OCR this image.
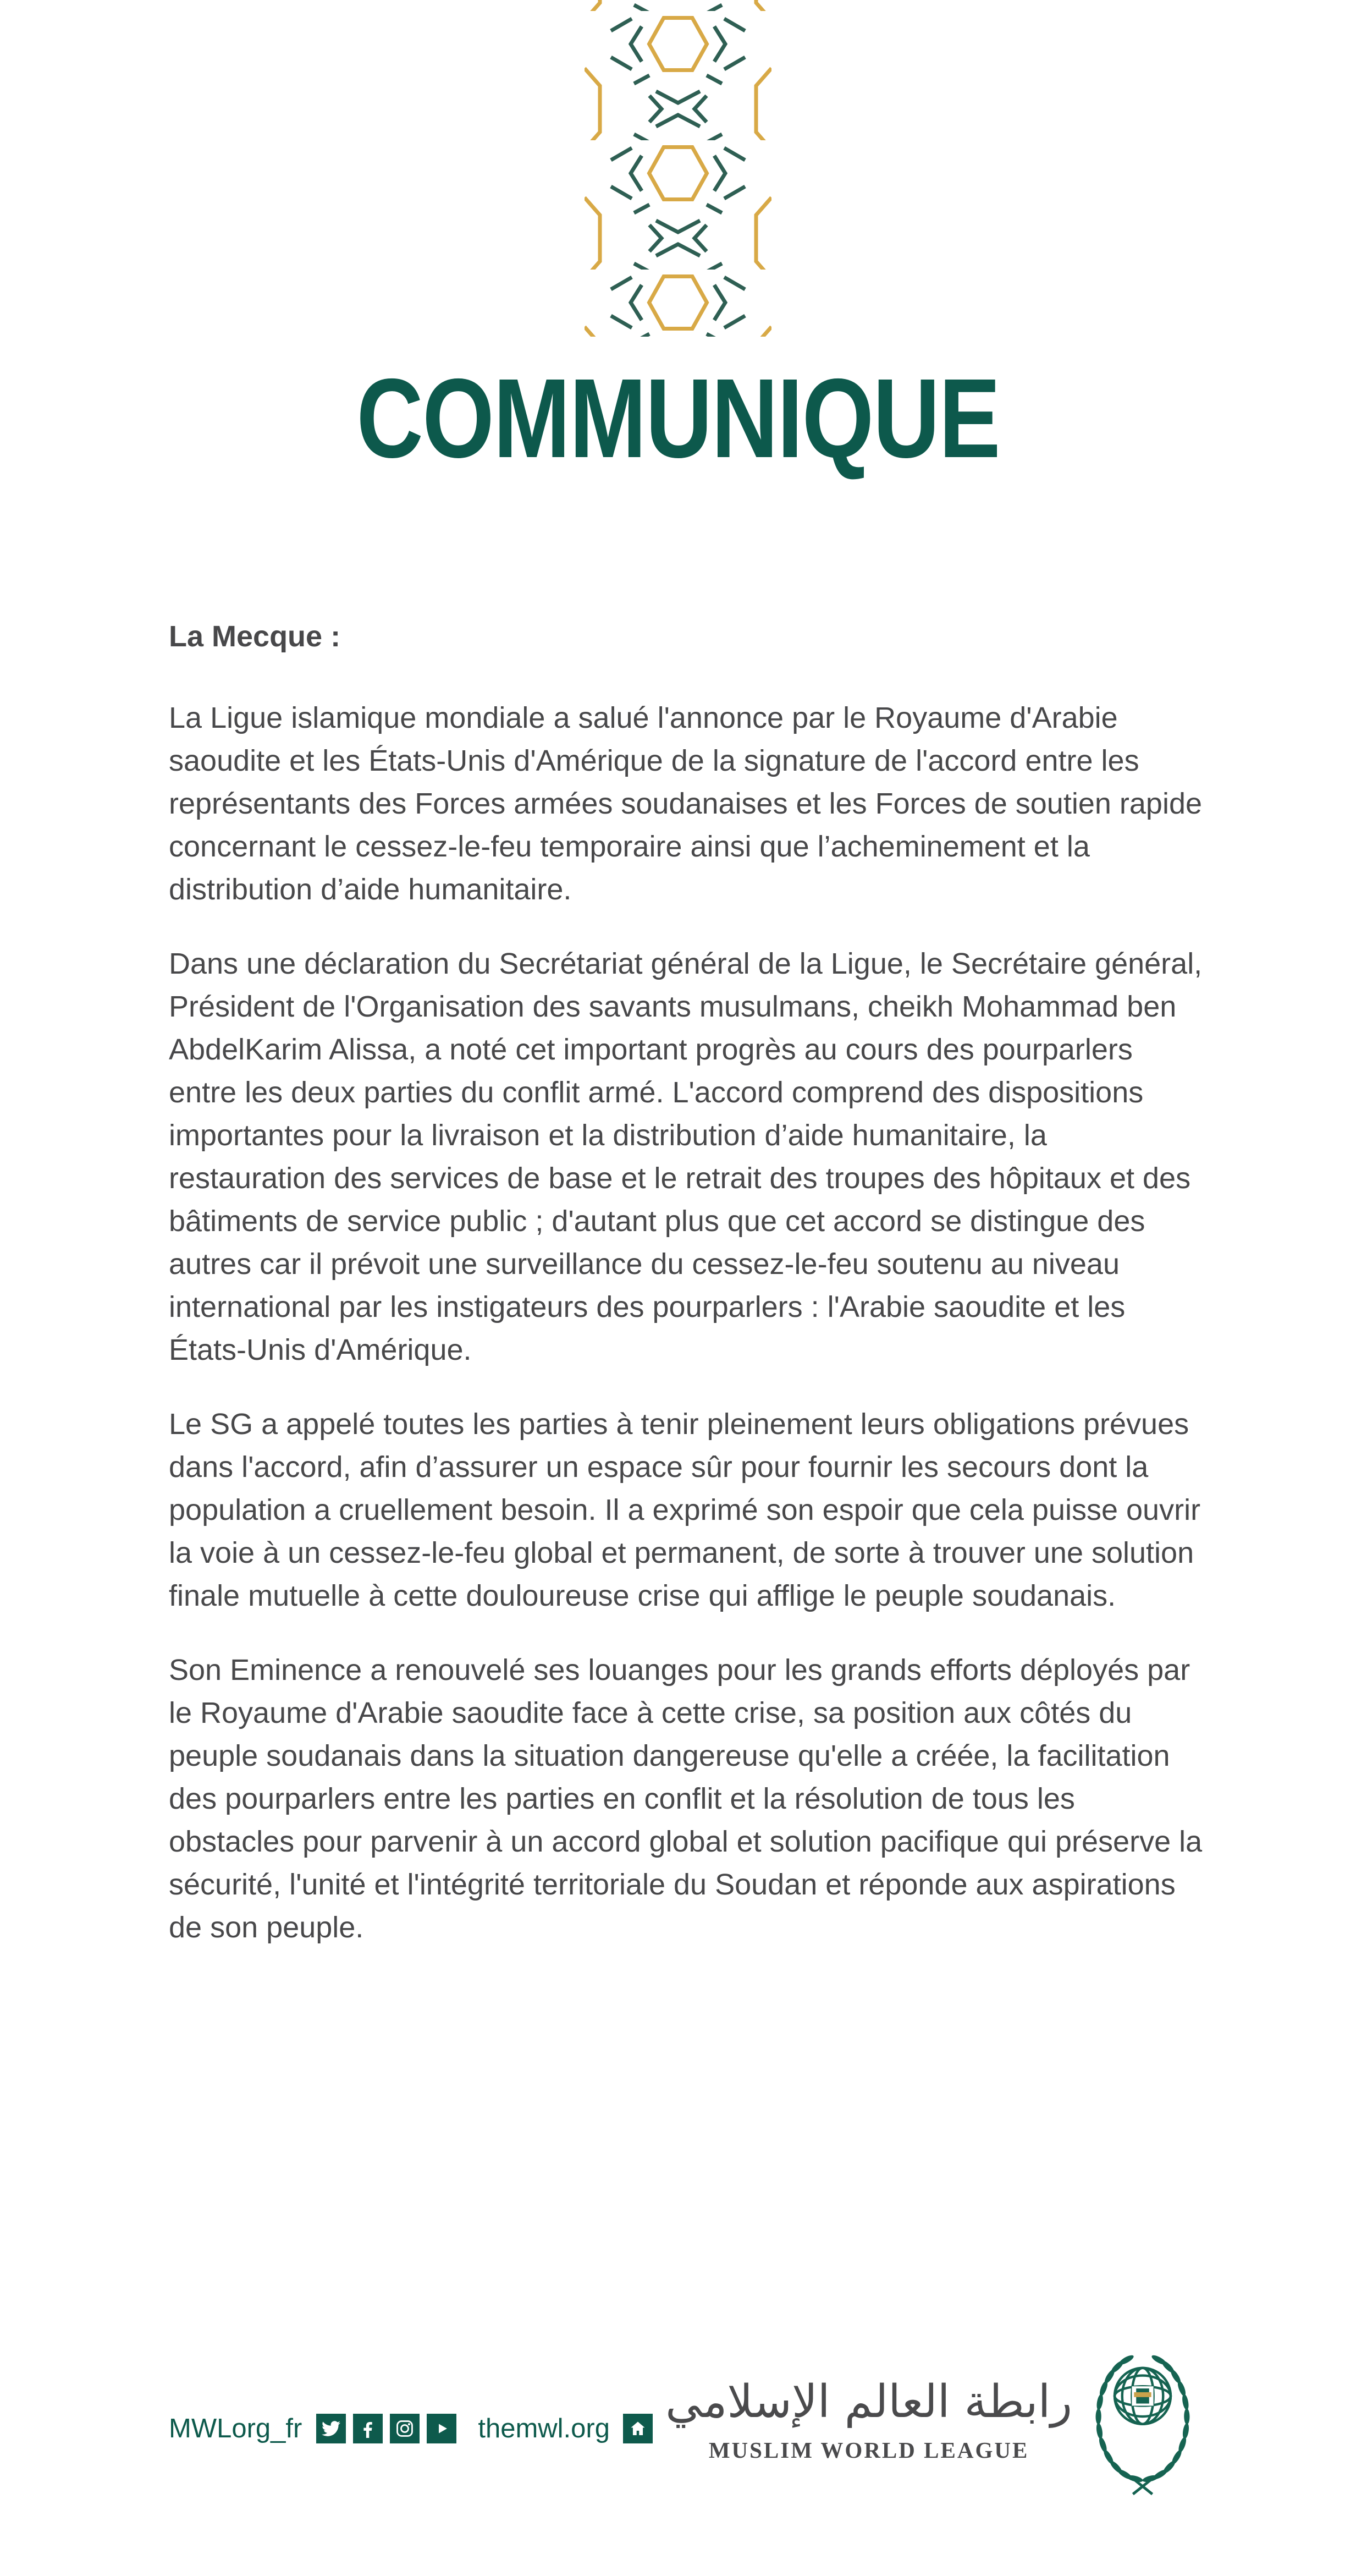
COMMUNIQUE

La Mecque :

La Ligue islamique mondiale a salué l'annonce par le Royaume d'Arabie saoudite et les États-Unis d'Amérique de la signature de l'accord entre les représentants des Forces armées soudanaises et les Forces de soutien rapide concernant le cessez-le-feu temporaire ainsi que l’acheminement et la distribution d’aide humanitaire.

Dans une déclaration du Secrétariat général de la Ligue, le Secrétaire général, Président de l'Organisation des savants musulmans, cheikh Mohammad ben AbdelKarim Alissa, a noté cet important progrès au cours des pourparlers entre les deux parties du conflit armé. L'accord comprend des dispositions importantes pour la livraison et la distribution d’aide humanitaire, la restauration des services de base et le retrait des troupes des hôpitaux et des bâtiments de service public ; d'autant plus que cet accord se distingue des autres car il prévoit une surveillance du cessez-le-feu soutenu au niveau international par les instigateurs des pourparlers : l'Arabie saoudite et les États-Unis d'Amérique.

Le SG a appelé toutes les parties à tenir pleinement leurs obligations prévues dans l'accord, afin d’assurer un espace sûr pour fournir les secours dont la population a cruellement besoin. Il a exprimé son espoir que cela puisse ouvrir la voie à un cessez-le-feu global et permanent, de sorte à trouver une solution finale mutuelle à cette douloureuse crise qui afflige le peuple soudanais.

Son Eminence a renouvelé ses louanges pour les grands efforts déployés par le Royaume d'Arabie saoudite face à cette crise, sa position aux côtés du peuple soudanais dans la situation dangereuse qu'elle a créée, la facilitation des pourparlers entre les parties en conflit et la résolution de tous les obstacles pour parvenir à un accord global et solution pacifique qui préserve la sécurité, l'unité et l'intégrité territoriale du Soudan et réponde aux aspirations de son peuple.

MWLorg_fr	themwl.org
رابطة العالم الإسلامي
MUSLIM WORLD LEAGUE
